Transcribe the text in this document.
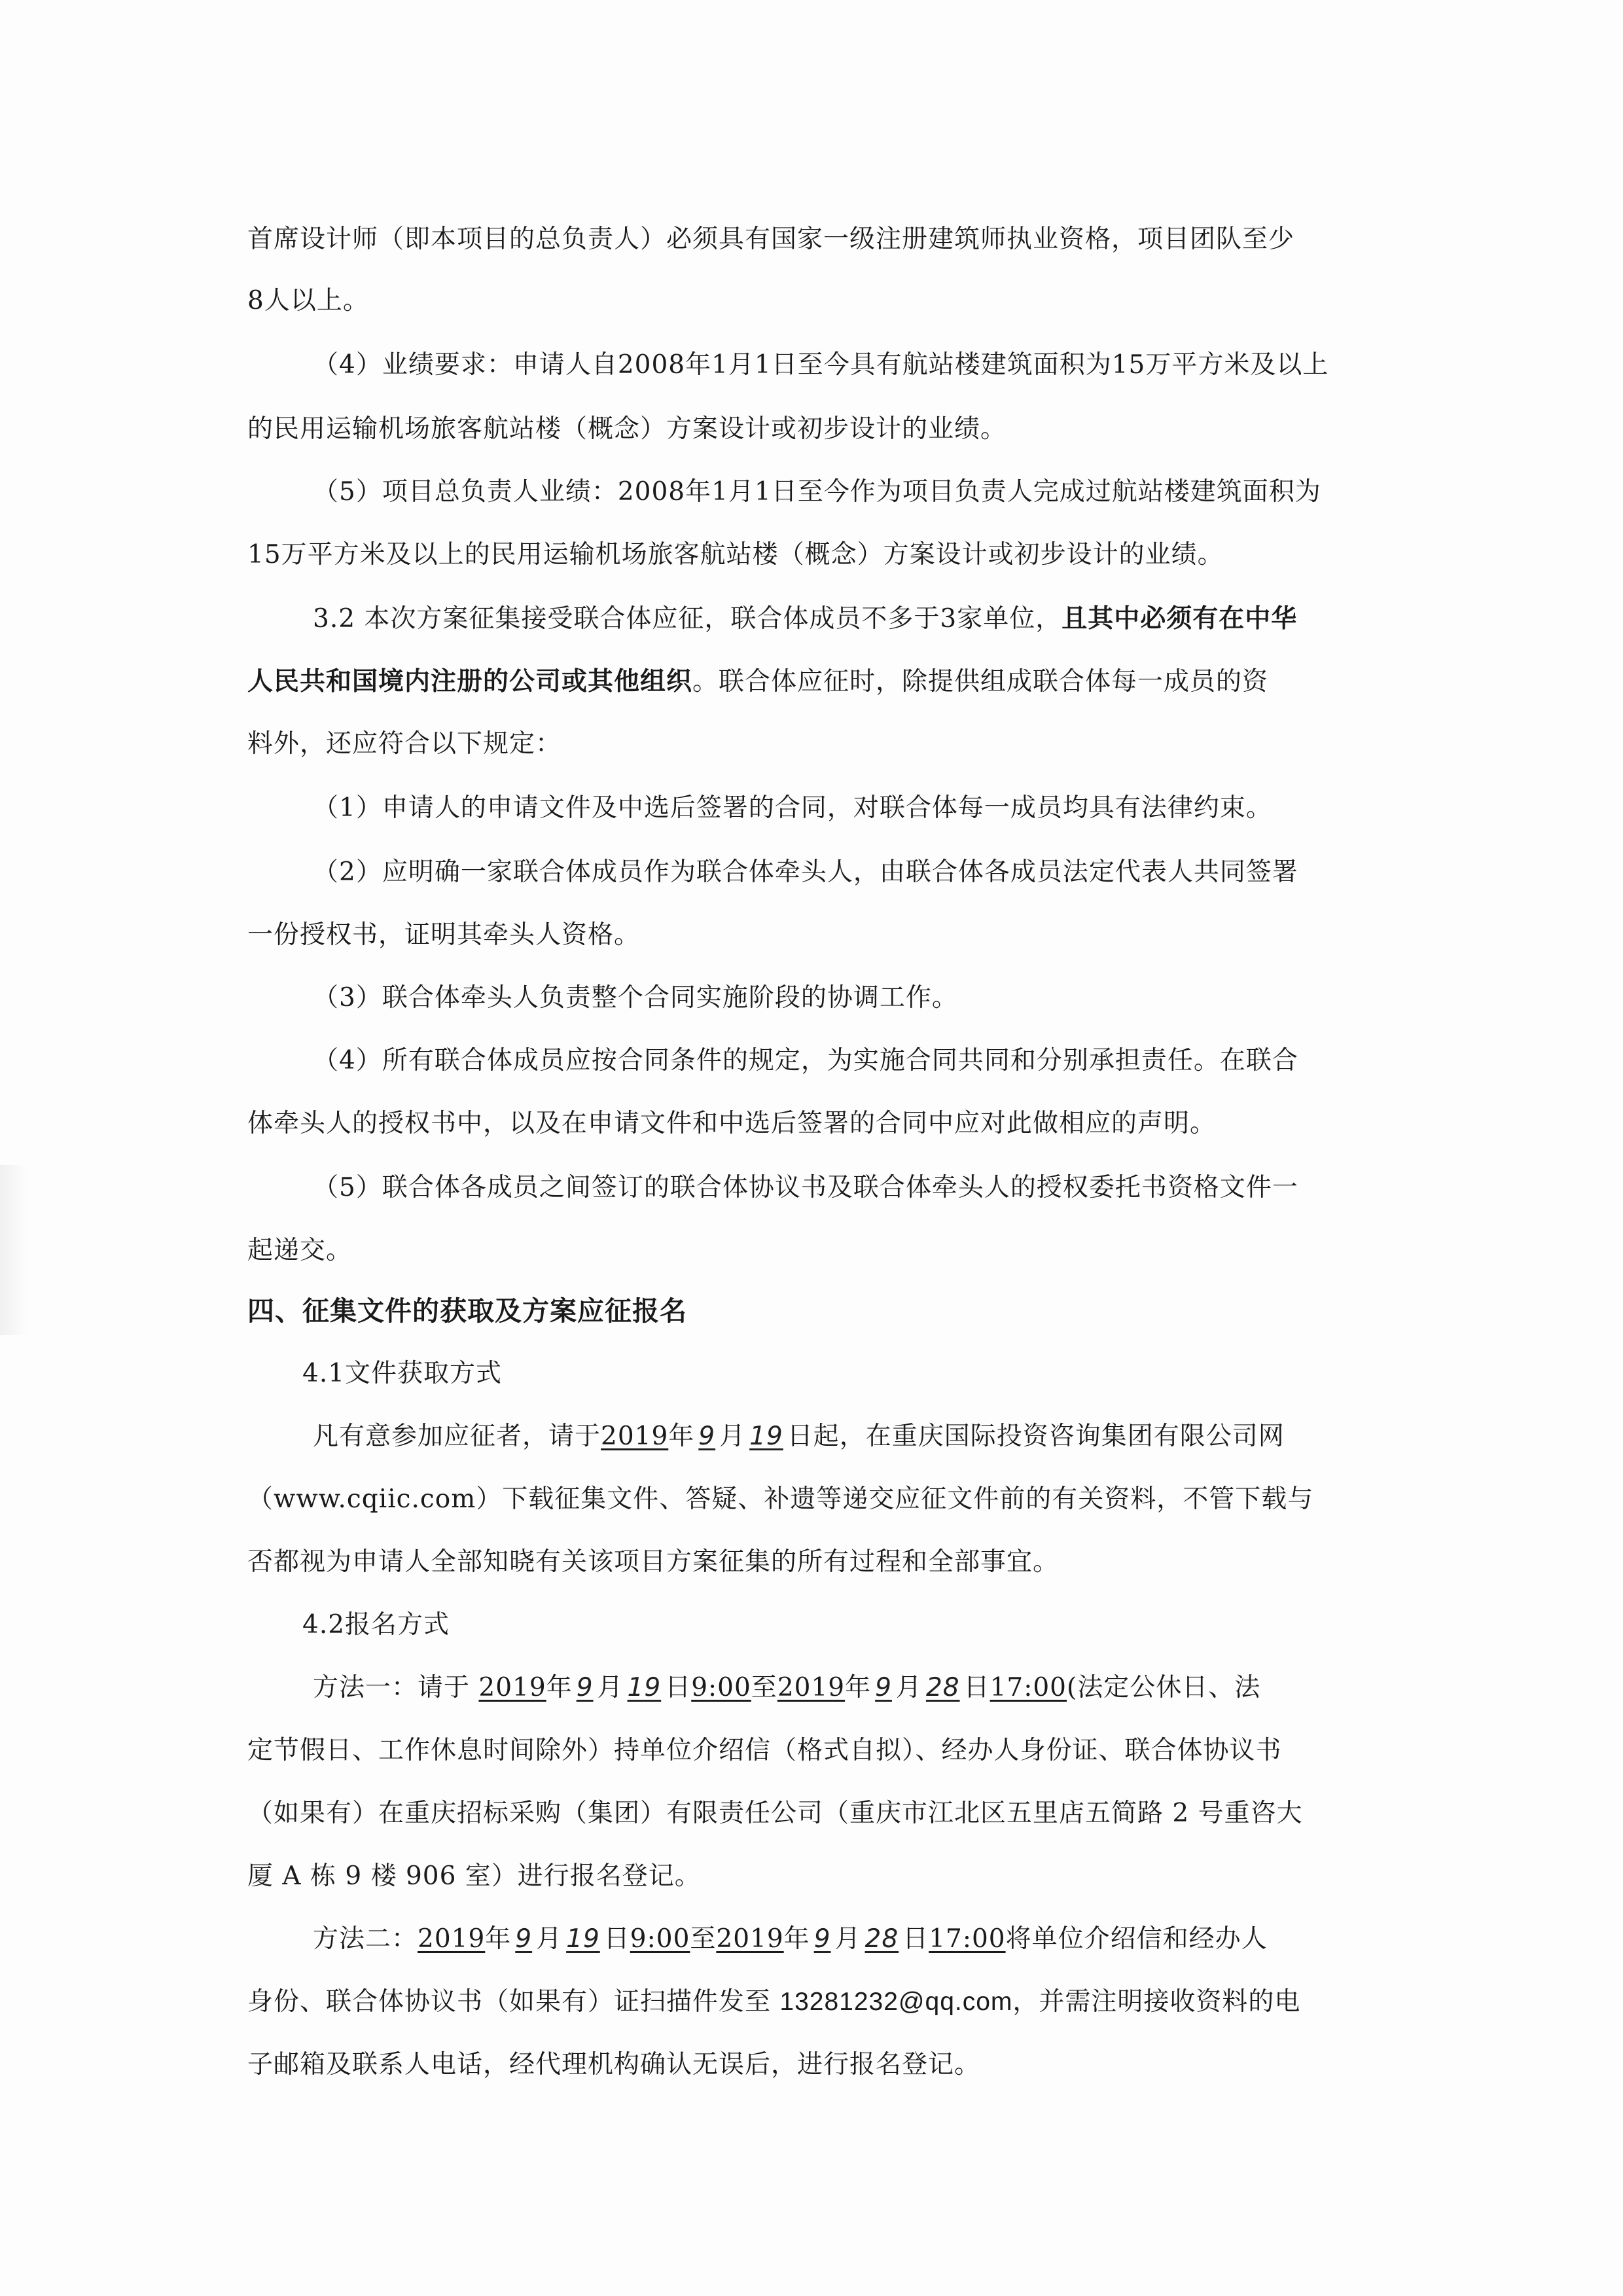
首席设计师（即本项目的总负责人）必须具有国家一级注册建筑师执业资格，项目团队至少
8人以上。
（4）业绩要求：申请人自2008年1月1日至今具有航站楼建筑面积为15万平方米及以上
的民用运输机场旅客航站楼（概念）方案设计或初步设计的业绩。
（5）项目总负责人业绩：2008年1月1日至今作为项目负责人完成过航站楼建筑面积为
15万平方米及以上的民用运输机场旅客航站楼（概念）方案设计或初步设计的业绩。
3.2 本次方案征集接受联合体应征，联合体成员不多于3家单位，且其中必须有在中华
人民共和国境内注册的公司或其他组织。联合体应征时，除提供组成联合体每一成员的资
料外，还应符合以下规定：
（1）申请人的申请文件及中选后签署的合同，对联合体每一成员均具有法律约束。
（2）应明确一家联合体成员作为联合体牵头人，由联合体各成员法定代表人共同签署
一份授权书，证明其牵头人资格。
（3）联合体牵头人负责整个合同实施阶段的协调工作。
（4）所有联合体成员应按合同条件的规定，为实施合同共同和分别承担责任。在联合
体牵头人的授权书中，以及在申请文件和中选后签署的合同中应对此做相应的声明。
（5）联合体各成员之间签订的联合体协议书及联合体牵头人的授权委托书资格文件一
起递交。
四、征集文件的获取及方案应征报名
4.1文件获取方式
凡有意参加应征者，请于2019年 9 月 19 日起，在重庆国际投资咨询集团有限公司网
（www.cqiic.com）下载征集文件、答疑、补遗等递交应征文件前的有关资料，不管下载与
否都视为申请人全部知晓有关该项目方案征集的所有过程和全部事宜。
4.2报名方式
方法一：请于 2019年 9 月 19 日9:00至2019年 9 月 28 日17:00(法定公休日、法
定节假日、工作休息时间除外）持单位介绍信（格式自拟）、经办人身份证、联合体协议书
（如果有）在重庆招标采购（集团）有限责任公司（重庆市江北区五里店五简路 2 号重咨大
厦 A 栋 9 楼 906 室）进行报名登记。
方法二：2019年 9 月 19 日9:00至2019年 9 月 28 日17:00将单位介绍信和经办人
身份、联合体协议书（如果有）证扫描件发至 13281232@qq.com，并需注明接收资料的电
子邮箱及联系人电话，经代理机构确认无误后，进行报名登记。
